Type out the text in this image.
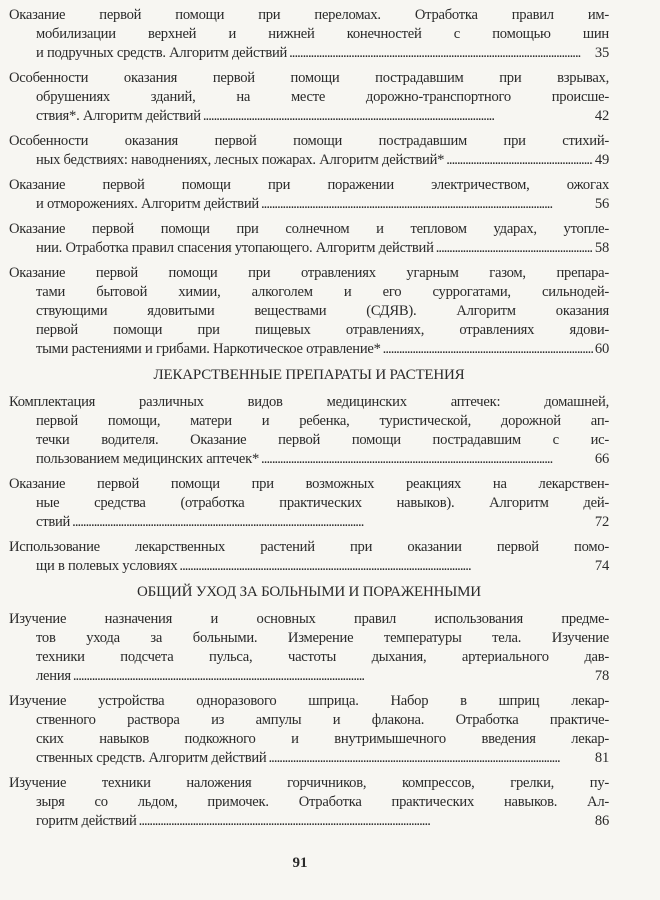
Оказание первой помощи при переломах. Отработка правил им-
мобилизации верхней и нижней конечностей с помощью шин
и подручных средств. Алгоритм действий . . .	35
Особенности оказания первой помощи пострадавшим при взрывах,
обрушениях зданий, на месте дорожно-транспортного происше-
ствия*. Алгоритм действий . . .	42
Особенности оказания первой помощи пострадавшим при стихий-
ных бедствиях: наводнениях, лесных пожарах. Алгоритм действий* . . .	49
Оказание первой помощи при поражении электричеством, ожогах
и отморожениях. Алгоритм действий . . .	56
Оказание первой помощи при солнечном и тепловом ударах, утопле-
нии. Отработка правил спасения утопающего. Алгоритм действий . . .	58
Оказание первой помощи при отравлениях угарным газом, препара-
тами бытовой химии, алкоголем и его суррогатами, сильнодей-
ствующими ядовитыми веществами (СДЯВ). Алгоритм оказания
первой помощи при пищевых отравлениях, отравлениях ядови-
тыми растениями и грибами. Наркотическое отравление* . . .	60
ЛЕКАРСТВЕННЫЕ ПРЕПАРАТЫ И РАСТЕНИЯ
Комплектация различных видов медицинских аптечек: домашней,
первой помощи, матери и ребенка, туристической, дорожной ап-
течки водителя. Оказание первой помощи пострадавшим с ис-
пользованием медицинских аптечек* . . .	66
Оказание первой помощи при возможных реакциях на лекарствен-
ные средства (отработка практических навыков). Алгоритм дей-
ствий . . .	72
Использование лекарственных растений при оказании первой помо-
щи в полевых условиях . . .	74
ОБЩИЙ УХОД ЗА БОЛЬНЫМИ И ПОРАЖЕННЫМИ
Изучение назначения и основных правил использования предме-
тов ухода за больными. Измерение температуры тела. Изучение
техники подсчета пульса, частоты дыхания, артериального дав-
ления . . .	78
Изучение устройства одноразового шприца. Набор в шприц лекар-
ственного раствора из ампулы и флакона. Отработка практиче-
ских навыков подкожного и внутримышечного введения лекар-
ственных средств. Алгоритм действий . . .	81
Изучение техники наложения горчичников, компрессов, грелки, пу-
зыря со льдом, примочек. Отработка практических навыков. Ал-
горитм действий . . .	86
91
